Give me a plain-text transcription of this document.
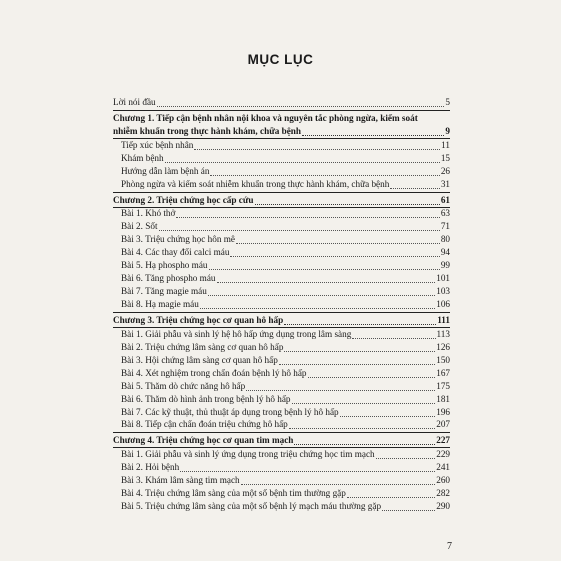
MỤC LỤC
Lời nói đầu	5
Chương 1. Tiếp cận bệnh nhân nội khoa và nguyên tắc phòng ngừa, kiểm soát
nhiễm khuẩn trong thực hành khám, chữa bệnh	9
Tiếp xúc bệnh nhân	11
Khám bệnh	15
Hướng dẫn làm bệnh án	26
Phòng ngừa và kiểm soát nhiễm khuẩn trong thực hành khám, chữa bệnh	31
Chương 2. Triệu chứng học cấp cứu	61
Bài 1. Khó thở	63
Bài 2. Sốt	71
Bài 3. Triệu chứng học hôn mê	80
Bài 4. Các thay đổi calci máu	94
Bài 5. Hạ phospho máu	99
Bài 6. Tăng phospho máu	101
Bài 7. Tăng magie máu	103
Bài 8. Hạ magie máu	106
Chương 3. Triệu chứng học cơ quan hô hấp	111
Bài 1. Giải phẫu và sinh lý hệ hô hấp ứng dụng trong lâm sàng	113
Bài 2. Triệu chứng lâm sàng cơ quan hô hấp	126
Bài 3. Hội chứng lâm sàng cơ quan hô hấp	150
Bài 4. Xét nghiệm trong chẩn đoán bệnh lý hô hấp	167
Bài 5. Thăm dò chức năng hô hấp	175
Bài 6. Thăm dò hình ảnh trong bệnh lý hô hấp	181
Bài 7. Các kỹ thuật, thủ thuật áp dụng trong bệnh lý hô hấp	196
Bài 8. Tiếp cận chẩn đoán triệu chứng hô hấp	207
Chương 4. Triệu chứng học cơ quan tim mạch	227
Bài 1. Giải phẫu và sinh lý ứng dụng trong triệu chứng học tim mạch	229
Bài 2. Hỏi bệnh	241
Bài 3. Khám lâm sàng tim mạch	260
Bài 4. Triệu chứng lâm sàng của một số bệnh tim thường gặp	282
Bài 5. Triệu chứng lâm sàng của một số bệnh lý mạch máu thường gặp	290
7
